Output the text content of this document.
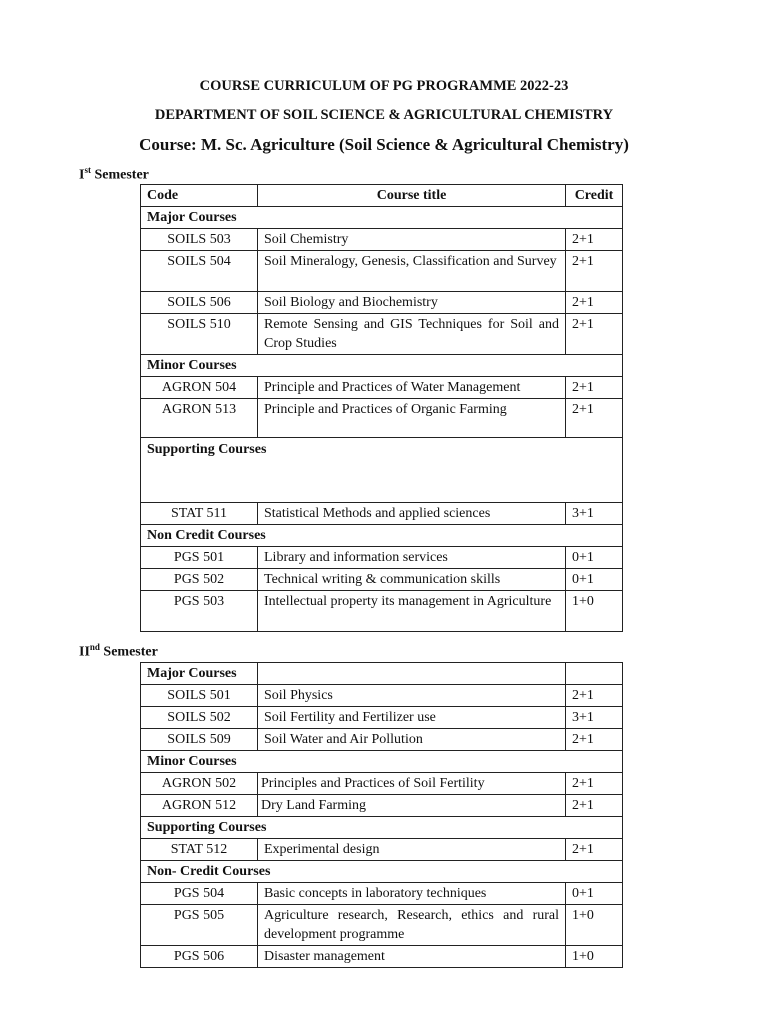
COURSE CURRICULUM OF PG PROGRAMME 2022-23
DEPARTMENT OF SOIL SCIENCE & AGRICULTURAL CHEMISTRY
Course: M. Sc. Agriculture (Soil Science & Agricultural Chemistry)
Ist Semester
Code	Course title	Credit
Major Courses		
SOILS 503	Soil Chemistry	2+1
SOILS 504	Soil Mineralogy, Genesis, Classification and Survey	2+1
SOILS 506	Soil Biology and Biochemistry	2+1
SOILS 510	Remote Sensing and GIS Techniques for Soil and Crop Studies	2+1
Minor Courses		
AGRON 504	Principle and Practices of Water Management	2+1
AGRON 513	Principle and Practices of Organic Farming	2+1
Supporting Courses		
STAT 511	Statistical Methods and applied sciences	3+1
Non Credit Courses		
PGS 501	Library and information services	0+1
PGS 502	Technical writing & communication skills	0+1
PGS 503	Intellectual property its management in Agriculture	1+0
IInd Semester
Major Courses		
SOILS 501	Soil Physics	2+1
SOILS 502	Soil Fertility and Fertilizer use	3+1
SOILS 509	Soil Water and Air Pollution	2+1
Minor Courses		
AGRON 502	Principles and Practices of Soil Fertility	2+1
AGRON 512	Dry Land Farming	2+1
Supporting Courses		
STAT 512	Experimental design	2+1
Non- Credit Courses		
PGS 504	Basic concepts in laboratory techniques	0+1
PGS 505	Agriculture research, Research, ethics and rural development programme	1+0
PGS 506	Disaster management	1+0
